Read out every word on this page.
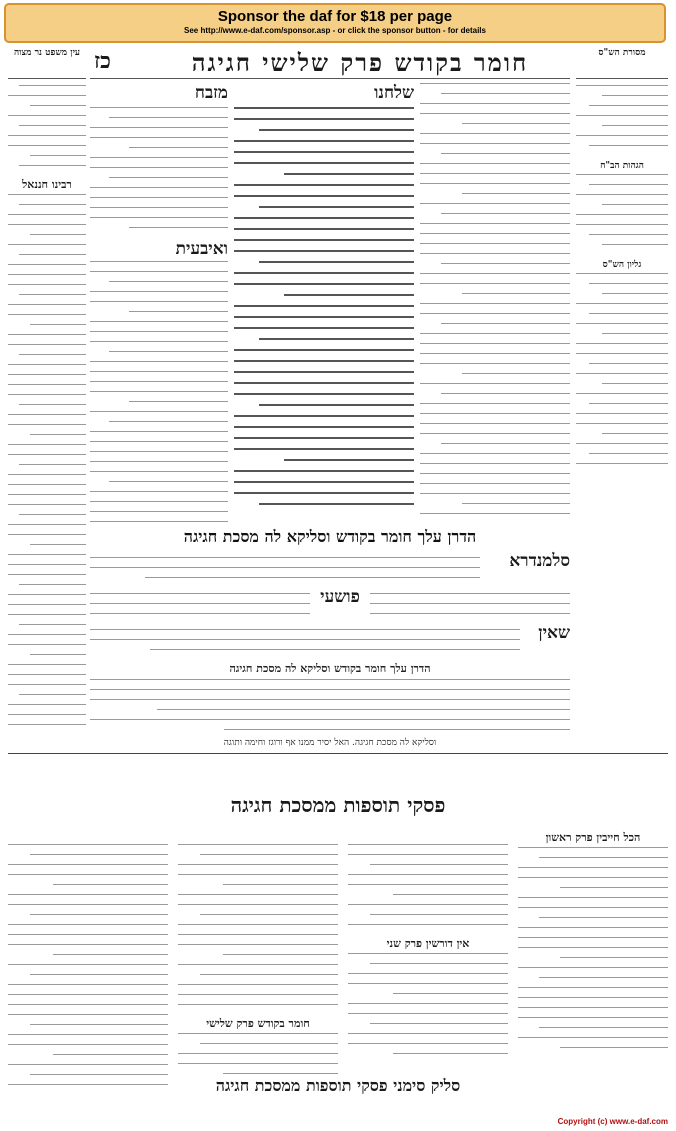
Sponsor the daf for $18 per page
See http://www.e-daf.com/sponsor.asp - or click the sponsor button - for details
עין משפט נר מצוה
רבינו חננאל
כז	חומר בקודש פרק שלישי חגיגה
שלחנו
מזבח
ואיבעית
הדרן עלך חומר בקודש וסליקא לה מסכת חגיגה
סלמנדרא
פושעי
שאין
הדרן עלך חומר בקודש וסליקא לה מסכת חגיגה
וסליקא לה מסכת חגיגה. האל יסיר ממנו אף ורוגז וחימה ותוגה
מסורת הש"ס
הגהות הב"ח
גליון הש"ס
פסקי תוספות ממסכת חגיגה
הכל חייבין פרק ראשון
אין דורשין פרק שני
חומר בקודש פרק שלישי
סליק סימני פסקי תוספות ממסכת חגיגה
Copyright (c) www.e-daf.com
